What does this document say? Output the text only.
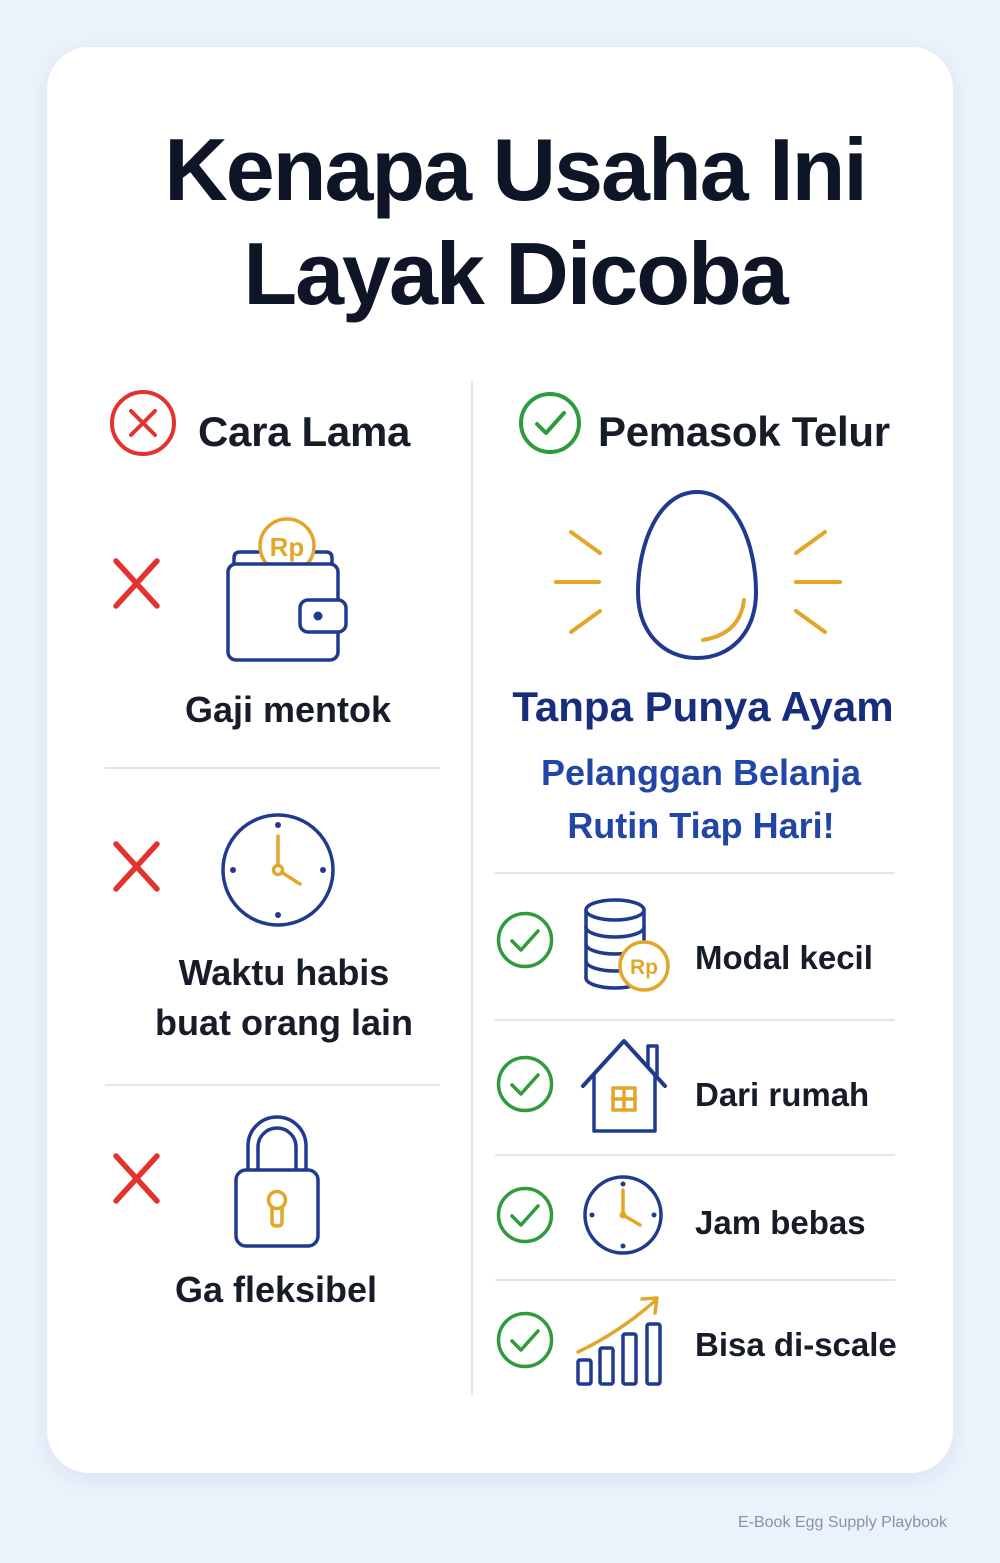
Kenapa Usaha Ini
Layak Dicoba
Cara Lama
Rp
Gaji mentok
Waktu habis
buat orang lain
Ga fleksibel
Pemasok Telur
Tanpa Punya Ayam
Pelanggan Belanja
Rutin Tiap Hari!
Rp Modal kecil
Dari rumah
Jam bebas
Bisa di-scale
E-Book Egg Supply Playbook
